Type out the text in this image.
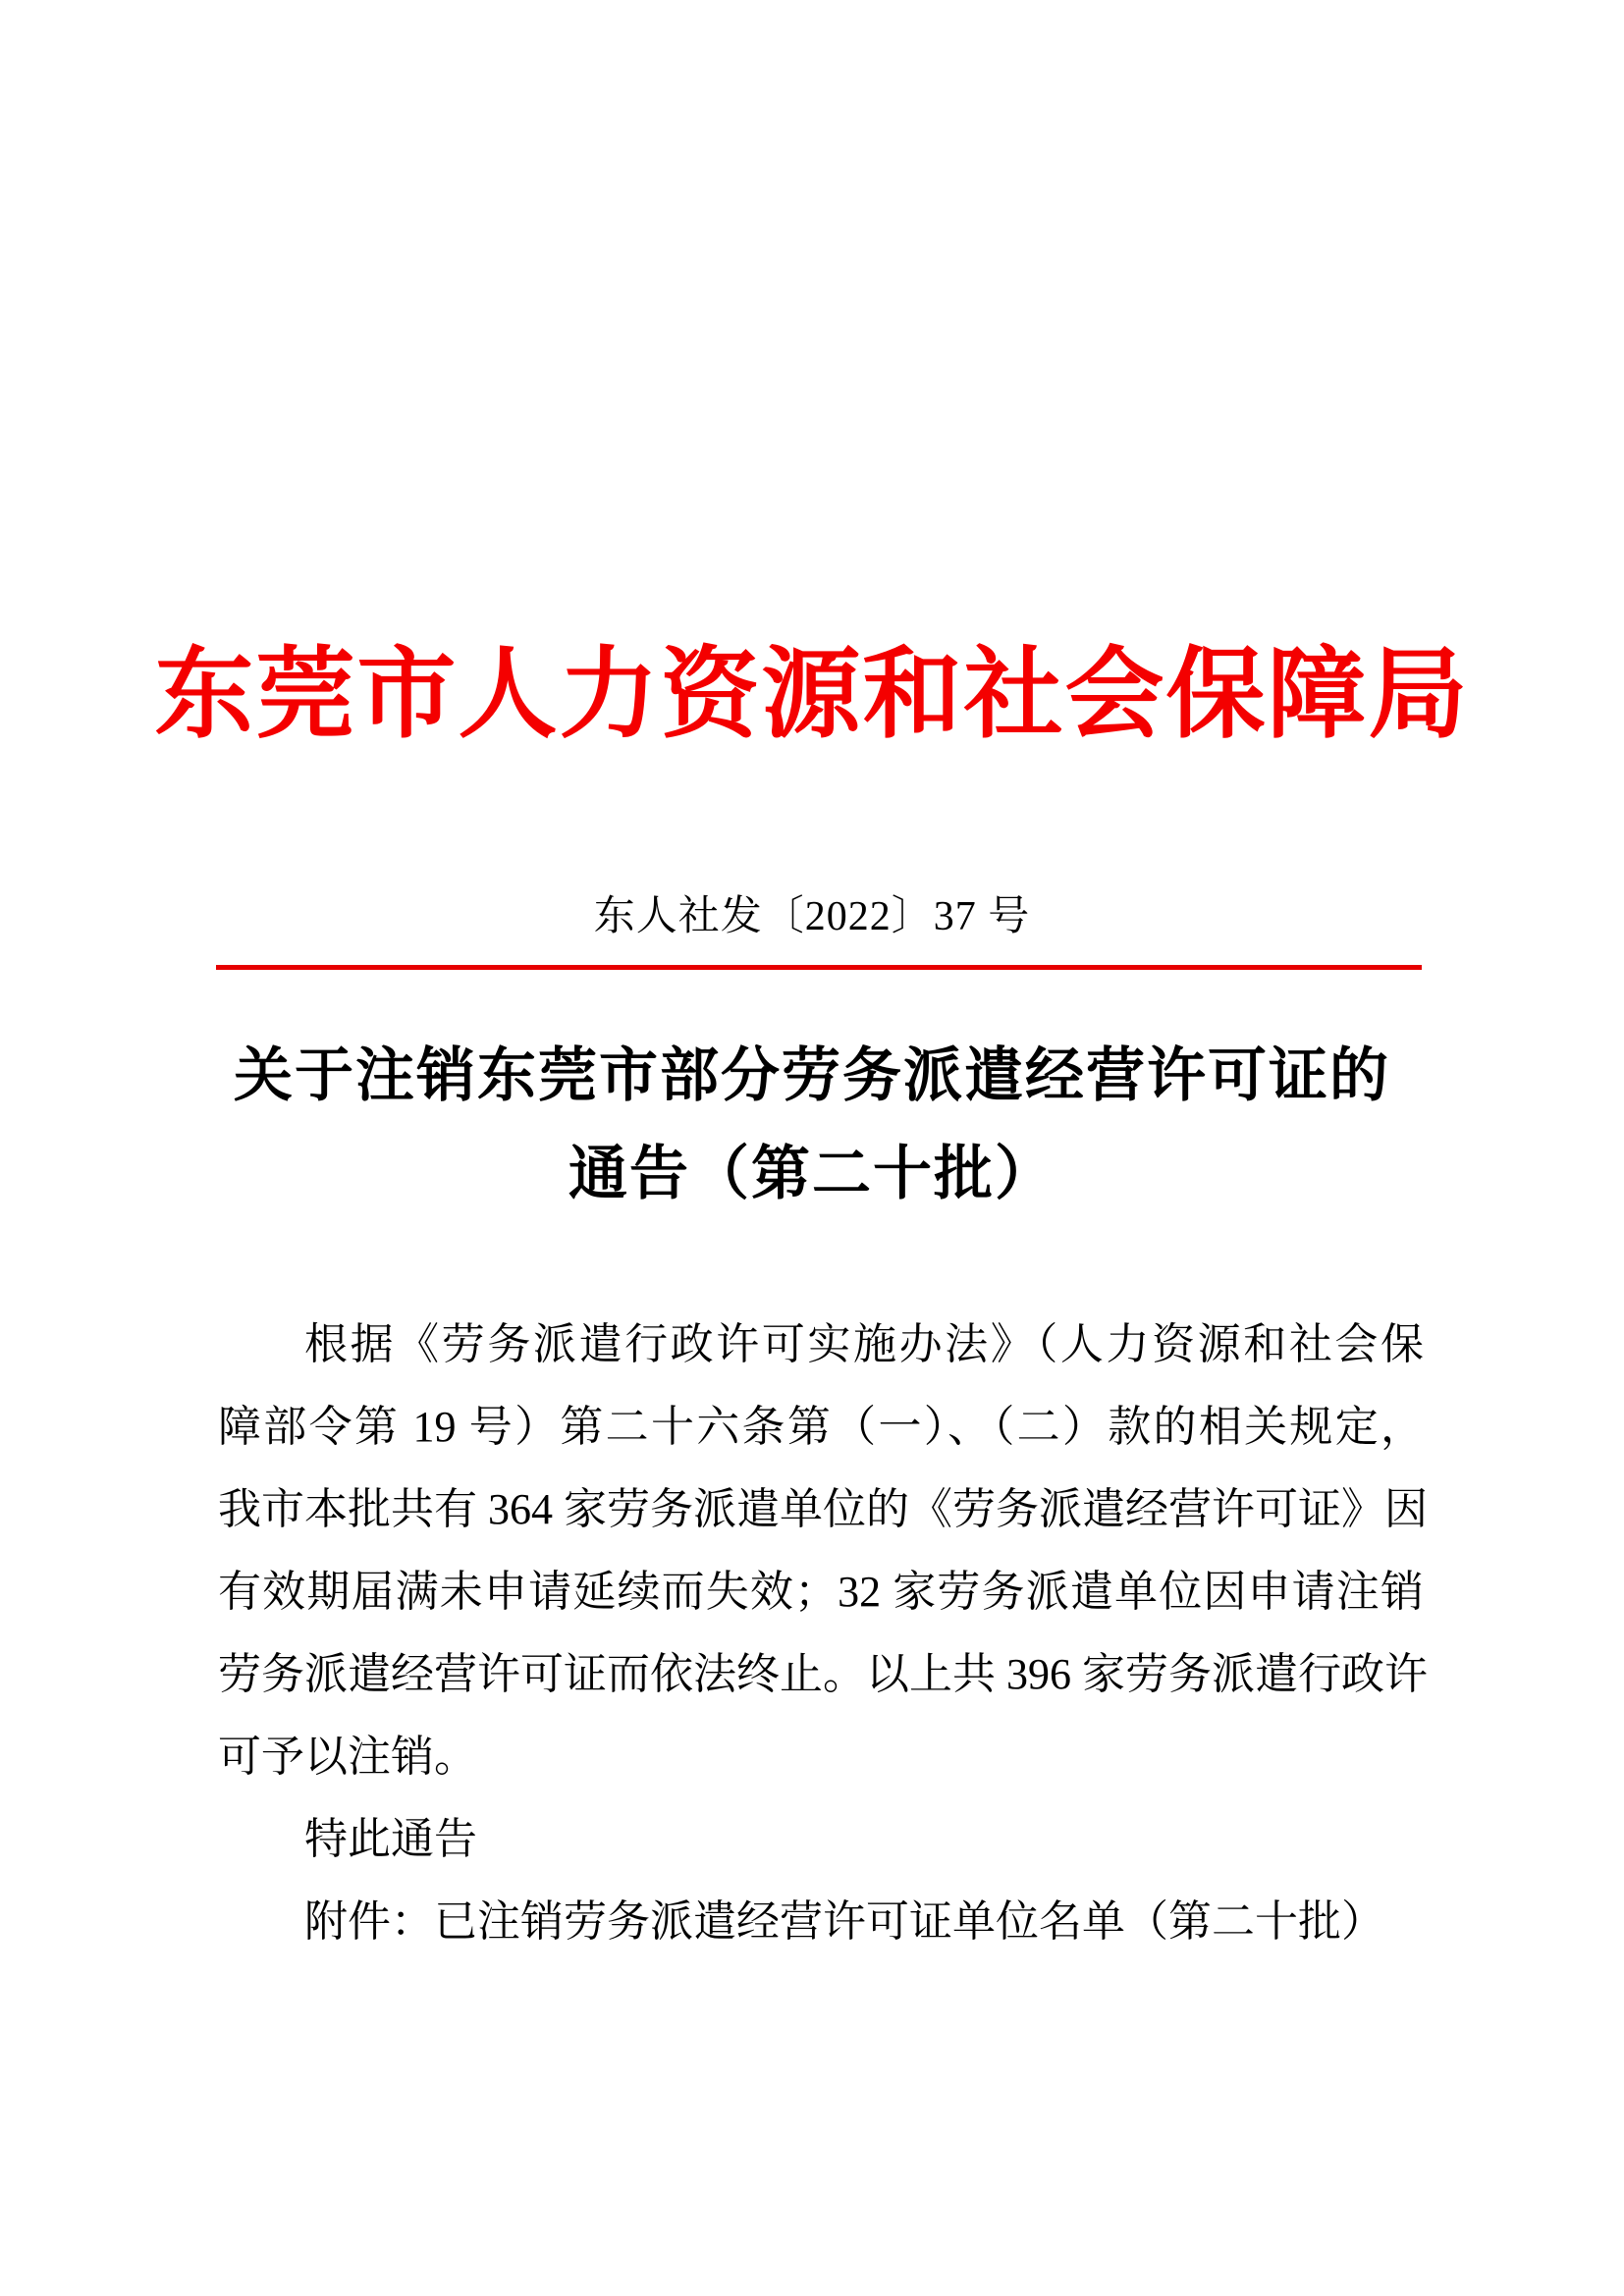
东莞市人力资源和社会保障局
东人社发〔2022〕37 号
关于注销东莞市部分劳务派遣经营许可证的
通告（第二十批）
根据《劳务派遣行政许可实施办法》（人力资源和社会保
障部令第 19 号）第二十六条第（一）、（二）款的相关规定，
我市本批共有 364 家劳务派遣单位的《劳务派遣经营许可证》因
有效期届满未申请延续而失效；32 家劳务派遣单位因申请注销
劳务派遣经营许可证而依法终止。以上共 396 家劳务派遣行政许
可予以注销。
特此通告
附件：已注销劳务派遣经营许可证单位名单（第二十批）
